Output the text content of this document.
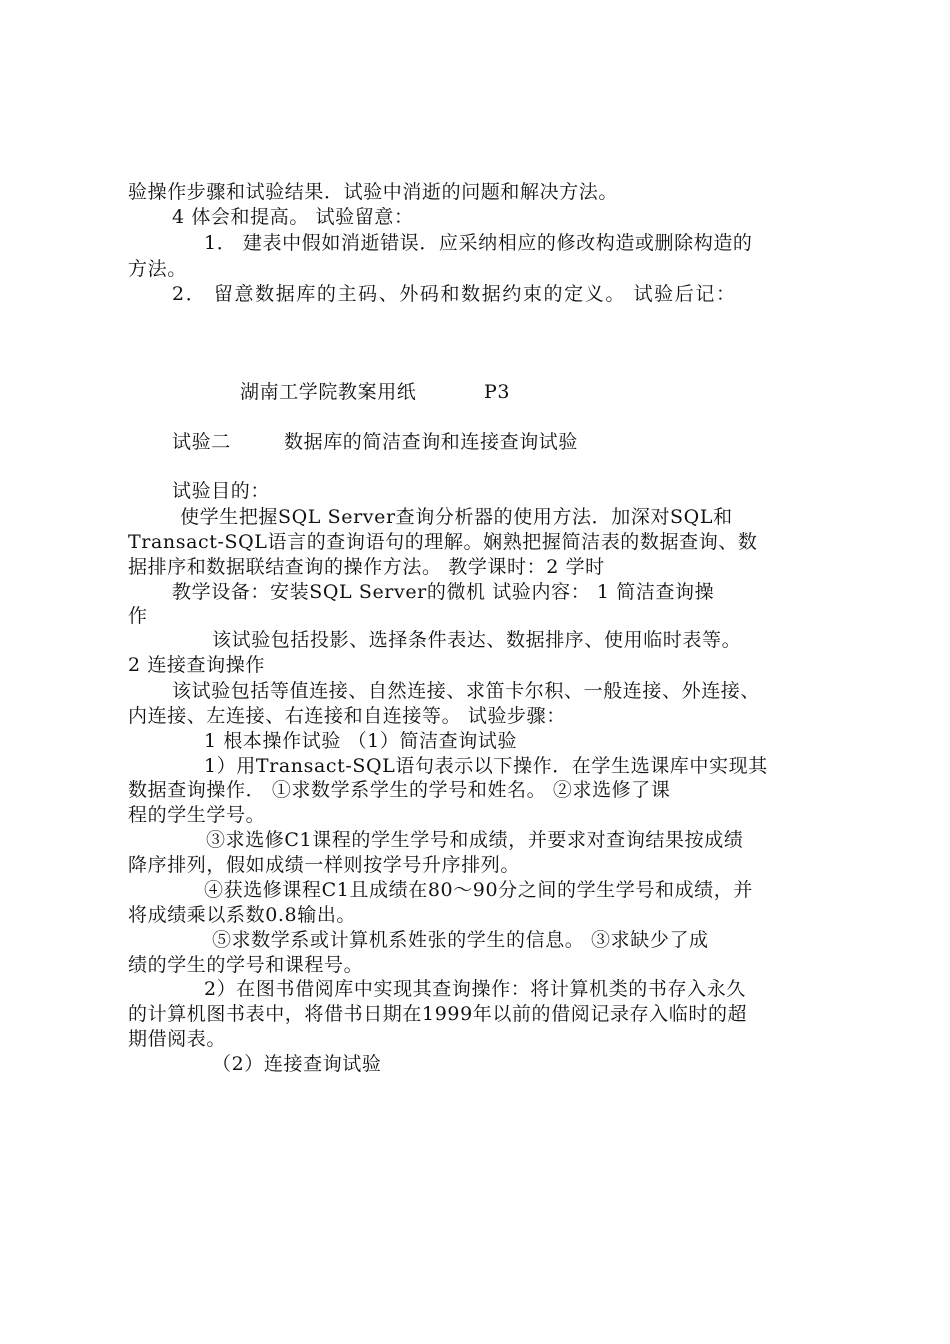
验操作步骤和试验结果．试验中消逝的问题和解决方法。
4 体会和提高。 试验留意：
1． 建表中假如消逝错误．应采纳相应的修改构造或删除构造的
方法。
2． 留意数据库的主码、外码和数据约束的定义。 试验后记：
湖南工学院教案用纸	P3
试验二	数据库的简洁查询和连接查询试验
试验目的：
使学生把握SQL Server查询分析器的使用方法．加深对SQL和
Transact-SQL语言的查询语句的理解。娴熟把握简洁表的数据查询、数
据排序和数据联结查询的操作方法。 教学课时：2 学时
教学设备：安装SQL Server的微机 试验内容： 1 简洁查询操
作
该试验包括投影、选择条件表达、数据排序、使用临时表等。
2 连接查询操作
该试验包括等值连接、自然连接、求笛卡尔积、一般连接、外连接、
内连接、左连接、右连接和自连接等。 试验步骤：
1 根本操作试验 （1）简洁查询试验
1）用Transact-SQL语句表示以下操作．在学生选课库中实现其
数据查询操作． ①求数学系学生的学号和姓名。 ②求选修了课
程的学生学号。
③求选修C1课程的学生学号和成绩，并要求对查询结果按成绩
降序排列，假如成绩一样则按学号升序排列。
④获选修课程C1且成绩在80～90分之间的学生学号和成绩，并
将成绩乘以系数0.8输出。
⑤求数学系或计算机系姓张的学生的信息。 ③求缺少了成
绩的学生的学号和课程号。
2）在图书借阅库中实现其查询操作：将计算机类的书存入永久
的计算机图书表中，将借书日期在1999年以前的借阅记录存入临时的超
期借阅表。
（2）连接查询试验
